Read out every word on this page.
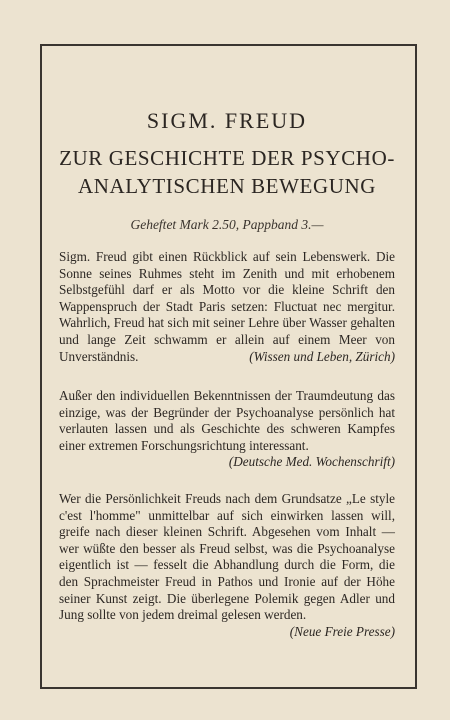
SIGM. FREUD
ZUR GESCHICHTE DER PSYCHO-
ANALYTISCHEN BEWEGUNG
Geheftet Mark 2.50, Pappband 3.—

Sigm. Freud gibt einen Rückblick auf sein Lebenswerk. Die Sonne seines Ruhmes steht im Zenith und mit erhobenem Selbstgefühl darf er als Motto vor die kleine Schrift den Wappenspruch der Stadt Paris setzen: Fluctuat nec mergitur. Wahrlich, Freud hat sich mit seiner Lehre über Wasser gehalten und lange Zeit schwamm er allein auf einem Meer von Unverständnis.	(Wissen und Leben, Zürich)

Außer den individuellen Bekenntnissen der Traumdeutung das einzige, was der Begründer der Psychoanalyse persönlich hat verlauten lassen und als Geschichte des schweren Kampfes einer extremen Forschungsrichtung interessant.

(Deutsche Med. Wochenschrift)

Wer die Persönlichkeit Freuds nach dem Grundsatze „Le style c'est l'homme" unmittelbar auf sich einwirken lassen will, greife nach dieser kleinen Schrift. Abgesehen vom Inhalt — wer wüßte den besser als Freud selbst, was die Psychoanalyse eigentlich ist — fesselt die Abhandlung durch die Form, die den Sprachmeister Freud in Pathos und Ironie auf der Höhe seiner Kunst zeigt. Die überlegene Polemik gegen Adler und Jung sollte von jedem dreimal gelesen werden.

(Neue Freie Presse)
